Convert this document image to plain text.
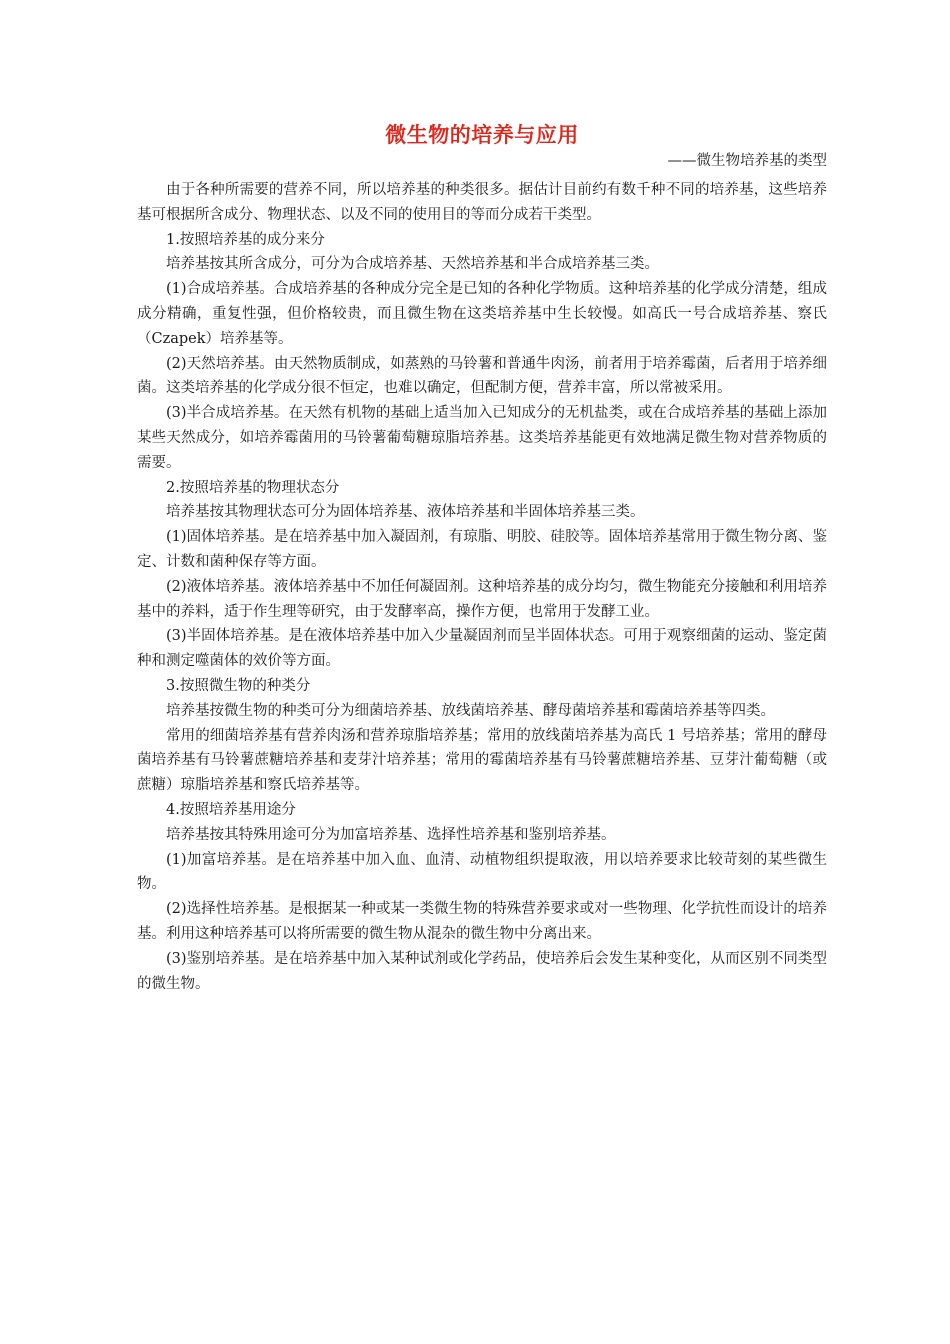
微生物的培养与应用

——微生物培养基的类型

由于各种所需要的营养不同，所以培养基的种类很多。据估计目前约有数千种不同的培养基，这些培养基可根据所含成分、物理状态、以及不同的使用目的等而分成若干类型。

1.按照培养基的成分来分

培养基按其所含成分，可分为合成培养基、天然培养基和半合成培养基三类。

(1)合成培养基。合成培养基的各种成分完全是已知的各种化学物质。这种培养基的化学成分清楚，组成成分精确，重复性强，但价格较贵，而且微生物在这类培养基中生长较慢。如高氏一号合成培养基、察氏（Czapek）培养基等。

(2)天然培养基。由天然物质制成，如蒸熟的马铃薯和普通牛肉汤，前者用于培养霉菌，后者用于培养细菌。这类培养基的化学成分很不恒定，也难以确定，但配制方便，营养丰富，所以常被采用。

(3)半合成培养基。在天然有机物的基础上适当加入已知成分的无机盐类，或在合成培养基的基础上添加某些天然成分，如培养霉菌用的马铃薯葡萄糖琼脂培养基。这类培养基能更有效地满足微生物对营养物质的需要。

2.按照培养基的物理状态分

培养基按其物理状态可分为固体培养基、液体培养基和半固体培养基三类。

(1)固体培养基。是在培养基中加入凝固剂，有琼脂、明胶、硅胶等。固体培养基常用于微生物分离、鉴定、计数和菌种保存等方面。

(2)液体培养基。液体培养基中不加任何凝固剂。这种培养基的成分均匀，微生物能充分接触和利用培养基中的养料，适于作生理等研究，由于发酵率高，操作方便，也常用于发酵工业。

(3)半固体培养基。是在液体培养基中加入少量凝固剂而呈半固体状态。可用于观察细菌的运动、鉴定菌种和测定噬菌体的效价等方面。

3.按照微生物的种类分

培养基按微生物的种类可分为细菌培养基、放线菌培养基、酵母菌培养基和霉菌培养基等四类。

常用的细菌培养基有营养肉汤和营养琼脂培养基；常用的放线菌培养基为高氏 1 号培养基；常用的酵母菌培养基有马铃薯蔗糖培养基和麦芽汁培养基；常用的霉菌培养基有马铃薯蔗糖培养基、豆芽汁葡萄糖（或蔗糖）琼脂培养基和察氏培养基等。

4.按照培养基用途分

培养基按其特殊用途可分为加富培养基、选择性培养基和鉴别培养基。

(1)加富培养基。是在培养基中加入血、血清、动植物组织提取液，用以培养要求比较苛刻的某些微生物。

(2)选择性培养基。是根据某一种或某一类微生物的特殊营养要求或对一些物理、化学抗性而设计的培养基。利用这种培养基可以将所需要的微生物从混杂的微生物中分离出来。

(3)鉴别培养基。是在培养基中加入某种试剂或化学药品，使培养后会发生某种变化，从而区别不同类型的微生物。
